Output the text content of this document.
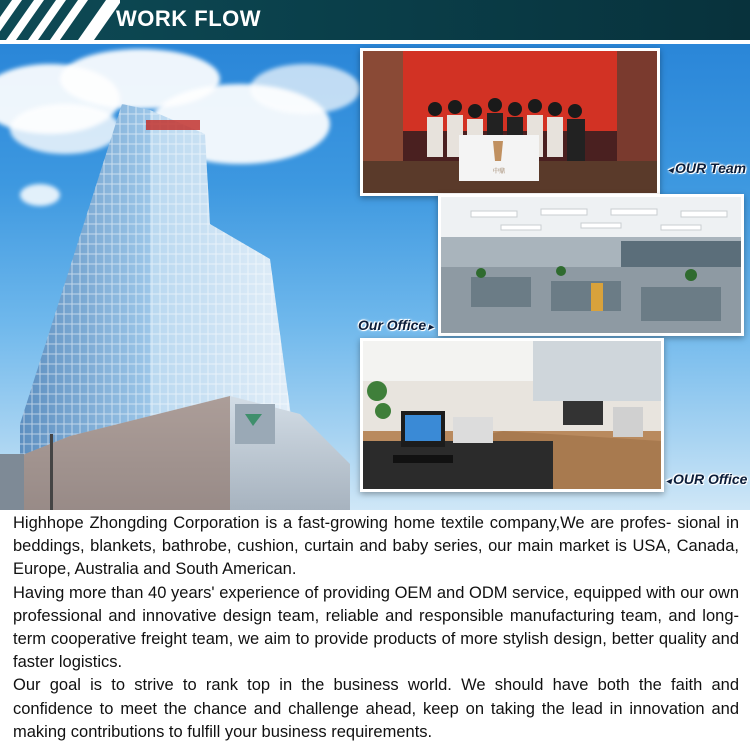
WORK FLOW
中鼎
◂	OUR Team
Our Office ▸
◂ OUR Office

Highhope Zhongding Corporation is a fast-growing home textile company,We are profes- sional in beddings, blankets, bathrobe, cushion, curtain and baby series, our main market is USA, Canada, Europe, Australia and South American.

Having more than 40 years' experience of providing OEM and ODM service, equipped with our own professional and innovative design team, reliable and responsible manufacturing team, and long-term cooperative freight team, we aim to provide products of more stylish design, better quality and faster logistics.

Our goal is to strive to rank top in the business world. We should have both the faith and confidence to meet the chance and challenge ahead, keep on taking the lead in innovation and making contributions to fulfill your business requirements.
